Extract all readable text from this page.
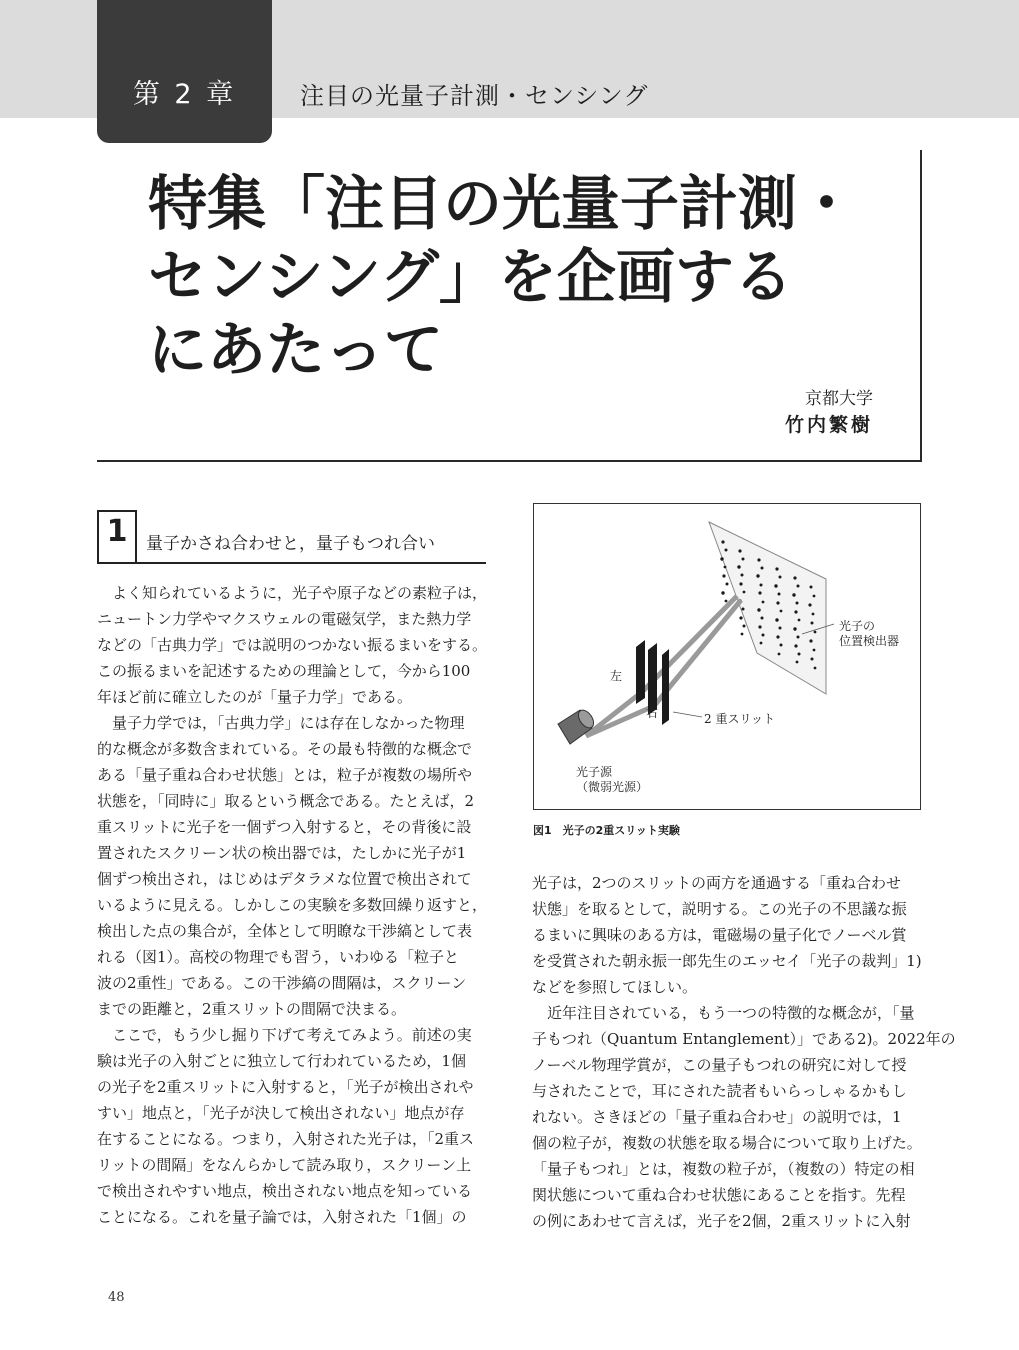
第 2 章	注目の光量子計測・センシング
特集「注目の光量子計測・
センシング」を企画する
にあたって
京都大学
竹内繁樹
1	量子かさね合わせと，量子もつれ合い
　よく知られているように，光子や原子などの素粒子は，
ニュートン力学やマクスウェルの電磁気学，また熱力学
などの「古典力学」では説明のつかない振るまいをする。
この振るまいを記述するための理論として，今から100
年ほど前に確立したのが「量子力学」である。
　量子力学では，「古典力学」には存在しなかった物理
的な概念が多数含まれている。その最も特徴的な概念で
ある「量子重ね合わせ状態」とは，粒子が複数の場所や
状態を，「同時に」取るという概念である。たとえば，2
重スリットに光子を一個ずつ入射すると，その背後に設
置されたスクリーン状の検出器では，たしかに光子が1
個ずつ検出され，はじめはデタラメな位置で検出されて
いるように見える。しかしこの実験を多数回繰り返すと，
検出した点の集合が，全体として明瞭な干渉縞として表
れる（図1）。高校の物理でも習う，いわゆる「粒子と
波の2重性」である。この干渉縞の間隔は，スクリーン
までの距離と，2重スリットの間隔で決まる。
　ここで，もう少し掘り下げて考えてみよう。前述の実
験は光子の入射ごとに独立して行われているため，1個
の光子を2重スリットに入射すると，「光子が検出されや
すい」地点と，「光子が決して検出されない」地点が存
在することになる。つまり，入射された光子は，「2重ス
リットの間隔」をなんらかして読み取り，スクリーン上
で検出されやすい地点，検出されない地点を知っている
ことになる。これを量子論では，入射された「1個」の
光子の
位置検出器
左
右	2 重スリット
光子源
（微弱光源）
図1　光子の2重スリット実験
光子は，2つのスリットの両方を通過する「重ね合わせ
状態」を取るとして，説明する。この光子の不思議な振
るまいに興味のある方は，電磁場の量子化でノーベル賞
を受賞された朝永振一郎先生のエッセイ「光子の裁判」1)
などを参照してほしい。
　近年注目されている，もう一つの特徴的な概念が，「量
子もつれ（Quantum Entanglement）」である2)。2022年の
ノーベル物理学賞が，この量子もつれの研究に対して授
与されたことで，耳にされた読者もいらっしゃるかもし
れない。さきほどの「量子重ね合わせ」の説明では，1
個の粒子が，複数の状態を取る場合について取り上げた。
「量子もつれ」とは，複数の粒子が，（複数の）特定の相
関状態について重ね合わせ状態にあることを指す。先程
の例にあわせて言えば，光子を2個，2重スリットに入射
48
